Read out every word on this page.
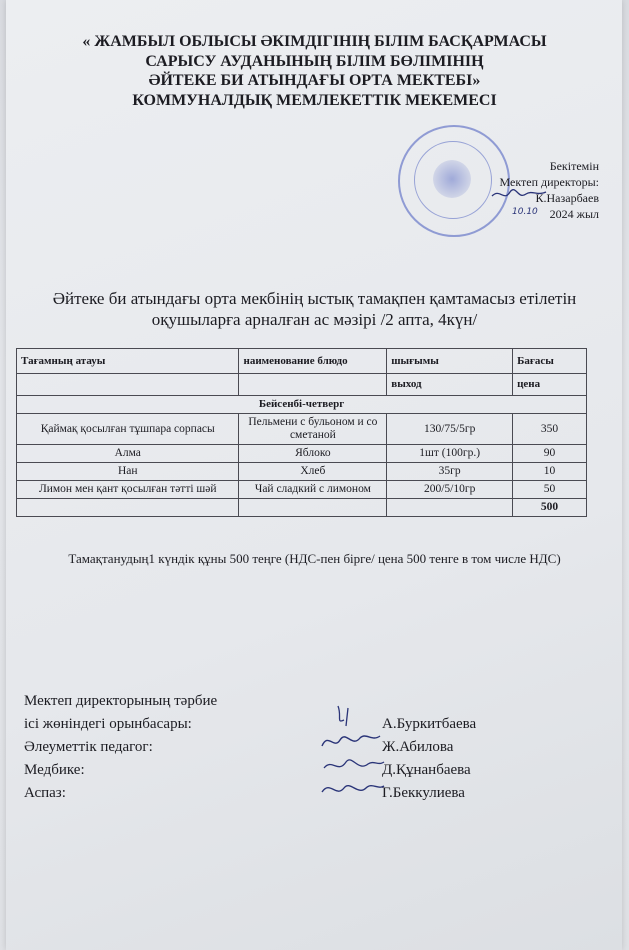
« ЖАМБЫЛ ОБЛЫСЫ ӘКІМДІГІНІҢ БІЛІМ БАСҚАРМАСЫ
САРЫСУ АУДАНЫНЫҢ БІЛІМ БӨЛІМІНІҢ
ӘЙТЕКЕ БИ АТЫНДАҒЫ ОРТА МЕКТЕБІ»
КОММУНАЛДЫҚ МЕМЛЕКЕТТІК МЕКЕМЕСІ
Бекітемін
Мектеп директоры:
К.Назарбаев
2024 жыл
10.10
Әйтеке би атындағы орта мекбінің ыстық тамақпен қамтамасыз етілетін
оқушыларға арналған ас мәзірі /2 апта, 4күн/
Тағамның атауы	наименование блюдо	шығымы	Бағасы
		выход	цена
Бейсенбі-четверг			
Қаймақ қосылған тұшпара сорпасы	Пельмени с бульоном и со сметаной	130/75/5гр	350
Алма	Яблоко	1шт (100гр.)	90
Нан	Хлеб	35гр	10
Лимон мен қант қосылған тәтті шәй	Чай сладкий с лимоном	200/5/10гр	50
			500
Тамақтанудың1 күндік құны 500 теңге (НДС-пен бірге/ цена 500 тенге в том числе НДС)
Мектеп директорының тәрбие
ісі жөніндегі орынбасары:	А.Буркитбаева
Әлеуметтік педагог:	Ж.Абилова
Медбике:	Д.Құнанбаева
Аспаз:	Г.Беккулиева
